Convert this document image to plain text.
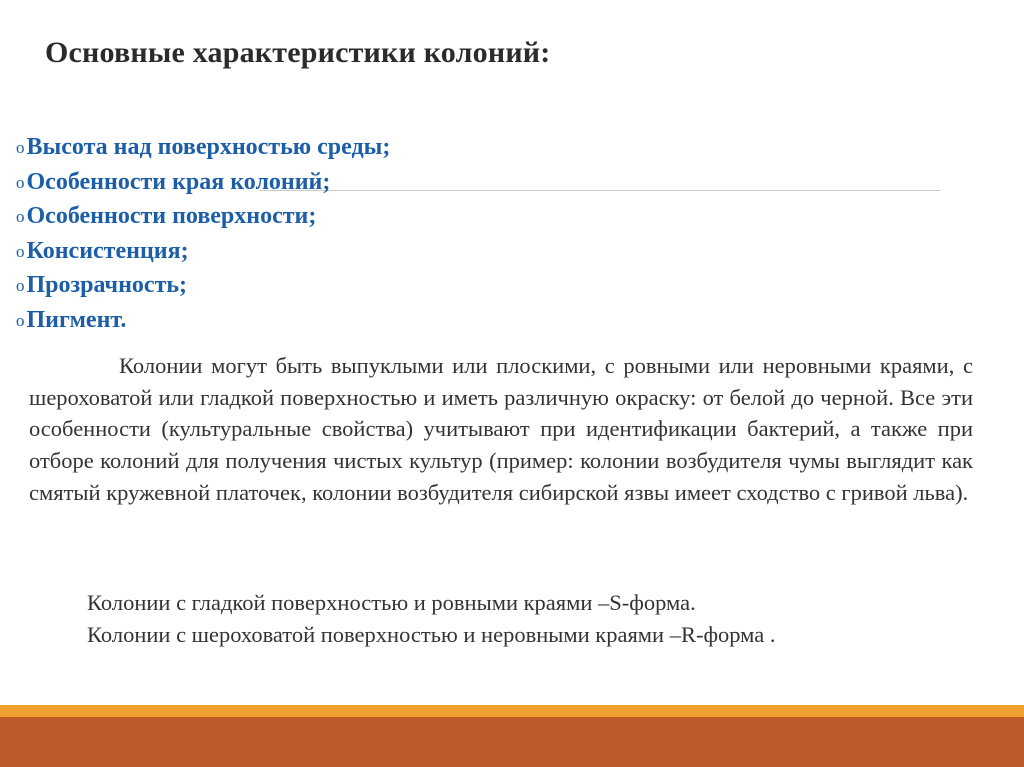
Основные характеристики колоний:
oВысота над поверхностью среды;
oОсобенности края колоний;
oОсобенности поверхности;
oКонсистенция;
oПрозрачность;
oПигмент.

Колонии могут быть выпуклыми или плоскими, с ровными или неровными краями, с шероховатой или гладкой поверхностью и иметь различную окраску: от белой до черной. Все эти особенности (культуральные свойства) учитывают при идентификации бактерий, а также при отборе колоний для получения чистых культур (пример: колонии возбудителя чумы выглядит как смятый кружевной платочек, колонии возбудителя сибирской язвы имеет сходство с гривой льва).

Колонии с гладкой поверхностью и ровными краями –S-форма.

Колонии с шероховатой поверхностью и неровными краями –R-форма .
